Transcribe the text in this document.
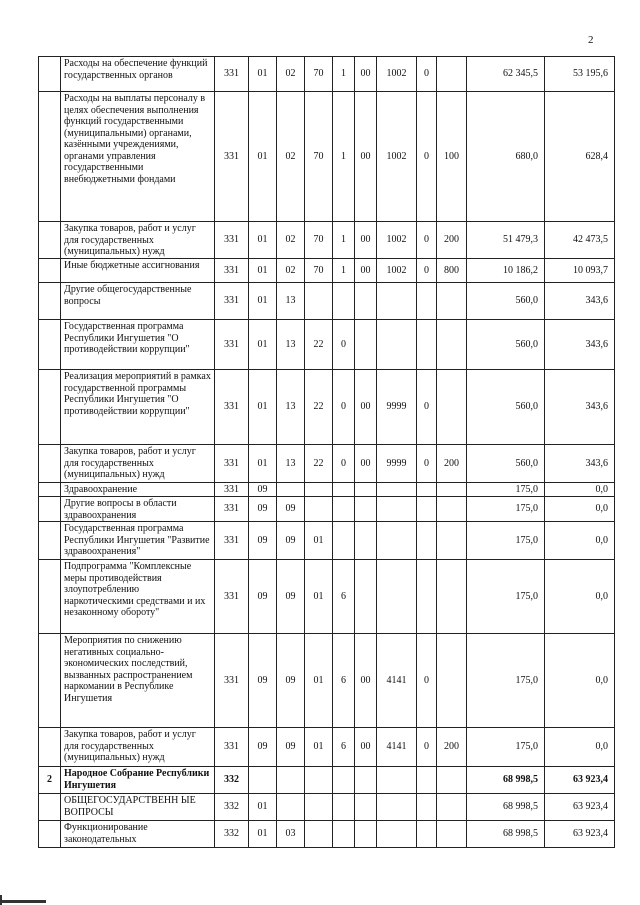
2
	Расходы на обеспечение функций государственных органов	331	01	02	70	1	00	1002	0		62 345,5	53 195,6
	Расходы на выплаты персоналу в целях обеспечения выполнения функций государственными (муниципальными) органами, казёнными учреждениями, органами управления государственными внебюджетными фондами	331	01	02	70	1	00	1002	0	100	680,0	628,4
	Закупка товаров, работ и услуг для государственных (муниципальных) нужд	331	01	02	70	1	00	1002	0	200	51 479,3	42 473,5
	Иные бюджетные ассигнования	331	01	02	70	1	00	1002	0	800	10 186,2	10 093,7
	Другие общегосударственные вопросы	331	01	13							560,0	343,6
	Государственная программа Республики Ингушетия "О противодействии коррупции"	331	01	13	22	0					560,0	343,6
	Реализация мероприятий в рамках государственной программы Республики Ингушетия "О противодействии коррупции"	331	01	13	22	0	00	9999	0		560,0	343,6
	Закупка товаров, работ и услуг для государственных (муниципальных) нужд	331	01	13	22	0	00	9999	0	200	560,0	343,6
	Здравоохранение	331	09								175,0	0,0
	Другие вопросы в области здравоохранения	331	09	09							175,0	0,0
	Государственная программа Республики Ингушетия "Развитие здравоохранения"	331	09	09	01						175,0	0,0
	Подпрограмма "Комплексные меры противодействия злоупотреблению наркотическими средствами и их незаконному обороту"	331	09	09	01	6					175,0	0,0
	Мероприятия по снижению негативных социально-экономических последствий, вызванных распространением наркомании в Республике Ингушетия	331	09	09	01	6	00	4141	0		175,0	0,0
	Закупка товаров, работ и услуг для государственных (муниципальных) нужд	331	09	09	01	6	00	4141	0	200	175,0	0,0
2	Народное Собрание Республики Ингушетия	332									68 998,5	63 923,4
	ОБЩЕГОСУДАРСТВЕНН ЫЕ ВОПРОСЫ	332	01								68 998,5	63 923,4
	Функционирование законодательных	332	01	03							68 998,5	63 923,4
